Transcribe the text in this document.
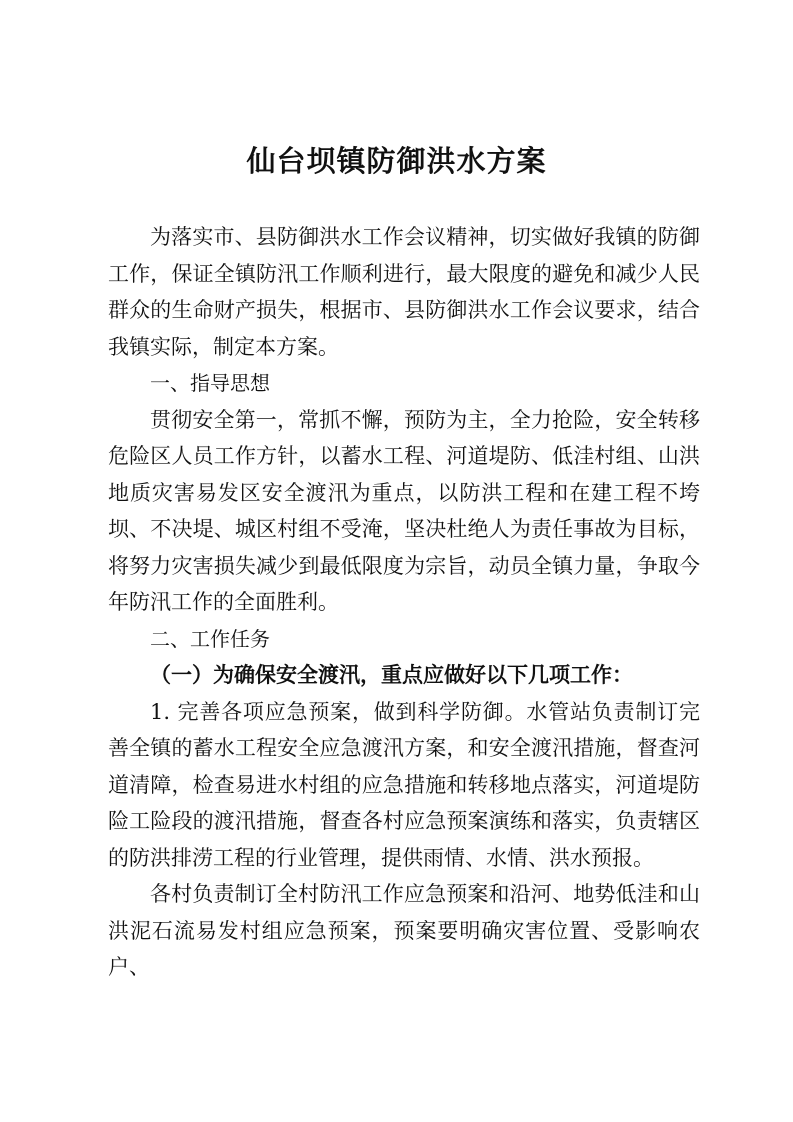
仙台坝镇防御洪水方案

为落实市、县防御洪水工作会议精神，切实做好我镇的防御工作，保证全镇防汛工作顺利进行，最大限度的避免和减少人民群众的生命财产损失，根据市、县防御洪水工作会议要求，结合我镇实际，制定本方案。

一、指导思想

贯彻安全第一，常抓不懈，预防为主，全力抢险，安全转移危险区人员工作方针，以蓄水工程、河道堤防、低洼村组、山洪地质灾害易发区安全渡汛为重点，以防洪工程和在建工程不垮坝、不决堤、城区村组不受淹，坚决杜绝人为责任事故为目标，将努力灾害损失减少到最低限度为宗旨，动员全镇力量，争取今年防汛工作的全面胜利。

二、工作任务

（一）为确保安全渡汛，重点应做好以下几项工作：

1. 完善各项应急预案，做到科学防御。水管站负责制订完善全镇的蓄水工程安全应急渡汛方案，和安全渡汛措施，督查河道清障，检查易进水村组的应急措施和转移地点落实，河道堤防险工险段的渡汛措施，督查各村应急预案演练和落实，负责辖区的防洪排涝工程的行业管理，提供雨情、水情、洪水预报。

各村负责制订全村防汛工作应急预案和沿河、地势低洼和山洪泥石流易发村组应急预案，预案要明确灾害位置、受影响农户、
